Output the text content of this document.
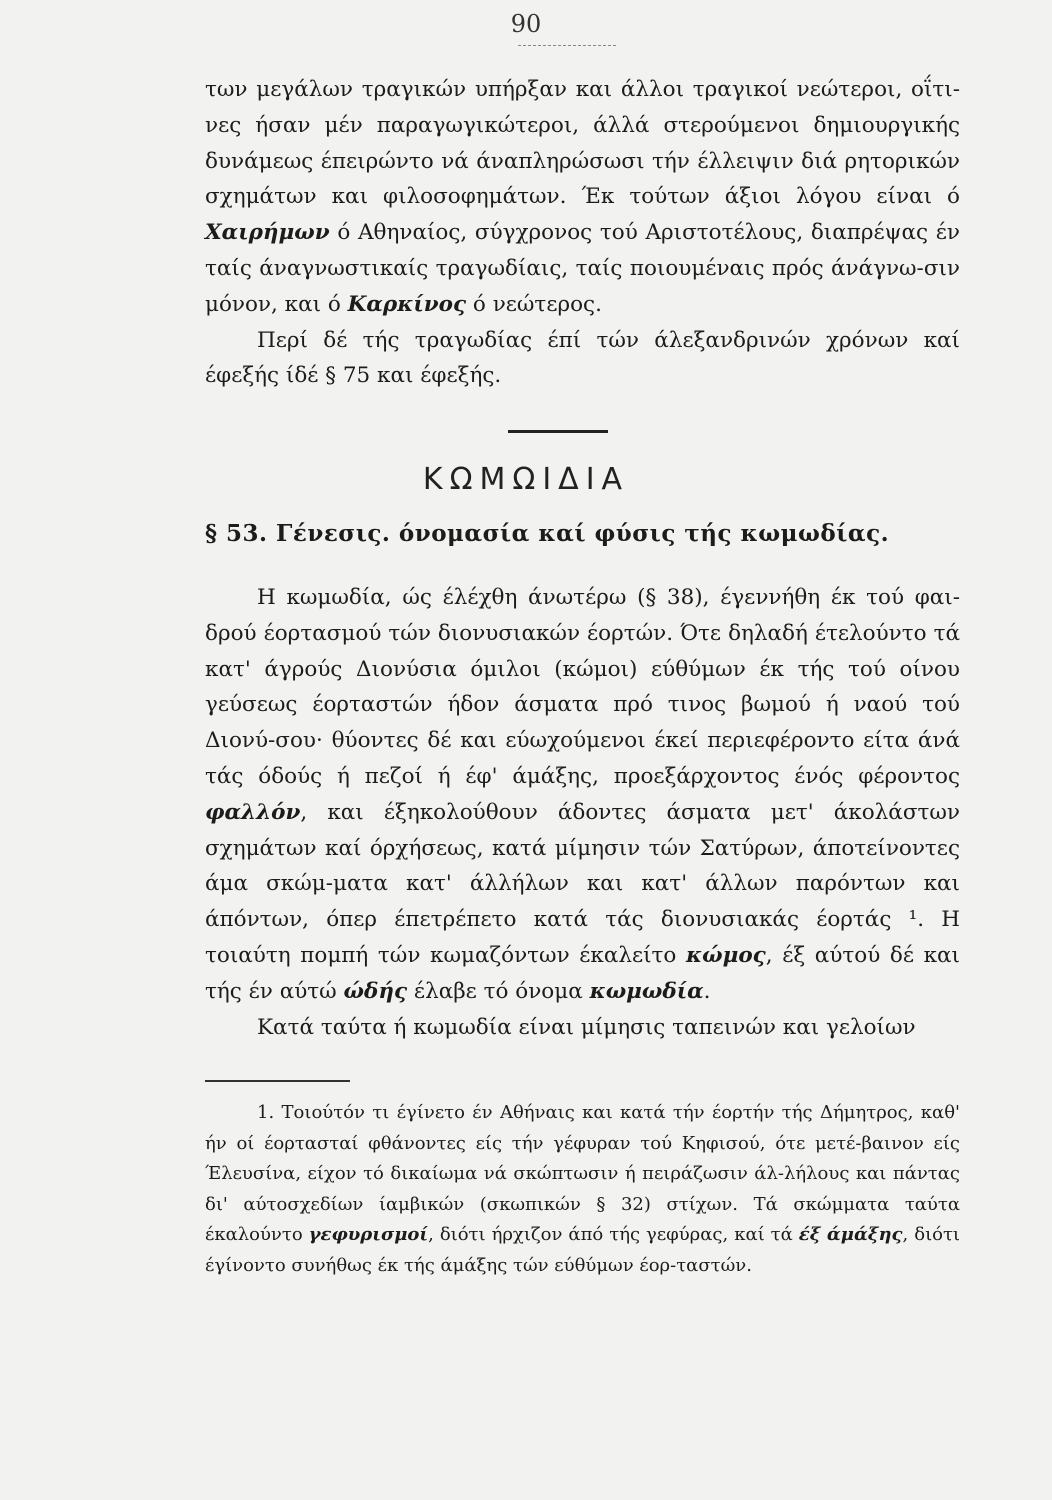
90

των μεγάλων τραγικών υπήρξαν και άλλοι τραγικοί νεώτεροι, οΐτι-νες ήσαν μέν παραγωγικώτεροι, άλλά στερούμενοι δημιουργικής δυνάμεως έπειρώντο νά άναπληρώσωσι τήν έλλειψιν διά ρητορικών σχημάτων και φιλοσοφημάτων. Έκ τούτων άξιοι λόγου είναι ό Χαιρήμων ό Αθηναίος, σύγχρονος τού Αριστοτέλους, διαπρέψας έν ταίς άναγνωστικαίς τραγωδίαις, ταίς ποιουμέναις πρός άνάγνω-σιν μόνον, και ό Καρκίνος ό νεώτερος.

Περί δέ τής τραγωδίας έπί τών άλεξανδρινών χρόνων καί έφεξής ίδέ § 75 και έφεξής.

ΚΩΜΩΙΔΙΑ
§ 53. Γένεσις. όνομασία καί φύσις τής κωμωδίας.

Η κωμωδία, ώς έλέχθη άνωτέρω (§ 38), έγεννήθη έκ τού φαι-δρού έορτασμού τών διονυσιακών έορτών. Ότε δηλαδή έτελούντο τά κατ' άγρούς Διονύσια όμιλοι (κώμοι) εύθύμων έκ τής τού οίνου γεύσεως έορταστών ήδον άσματα πρό τινος βωμού ή ναού τού Διονύ-σου· θύοντες δέ και εύωχούμενοι έκεί περιεφέροντο είτα άνά τάς όδούς ή πεζοί ή έφ' άμάξης, προεξάρχοντος ένός φέροντος φαλλόν, και έξηκολούθουν άδοντες άσματα μετ' άκολάστων σχημάτων καί όρχήσεως, κατά μίμησιν τών Σατύρων, άποτείνοντες άμα σκώμ-ματα κατ' άλλήλων και κατ' άλλων παρόντων και άπόντων, όπερ έπετρέπετο κατά τάς διονυσιακάς έορτάς ¹. Η τοιαύτη πομπή τών κωμαζόντων έκαλείτο κώμος, έξ αύτού δέ και τής έν αύτώ ώδής έλαβε τό όνομα κωμωδία.

Κατά ταύτα ή κωμωδία είναι μίμησις ταπεινών και γελοίων

1. Τοιούτόν τι έγίνετο έν Αθήναις και κατά τήν έορτήν τής Δήμητρος, καθ' ήν οί έορτασταί φθάνοντες είς τήν γέφυραν τού Κηφισού, ότε μετέ-βαινον είς Έλευσίνα, είχον τό δικαίωμα νά σκώπτωσιν ή πειράζωσιν άλ-λήλους και πάντας δι' αύτοσχεδίων ίαμβικών (σκωπικών § 32) στίχων. Τά σκώμματα ταύτα έκαλούντο γεφυρισμοί, διότι ήρχιζον άπό τής γεφύρας, καί τά έξ άμάξης, διότι έγίνοντο συνήθως έκ τής άμάξης τών εύθύμων έορ-ταστών.
